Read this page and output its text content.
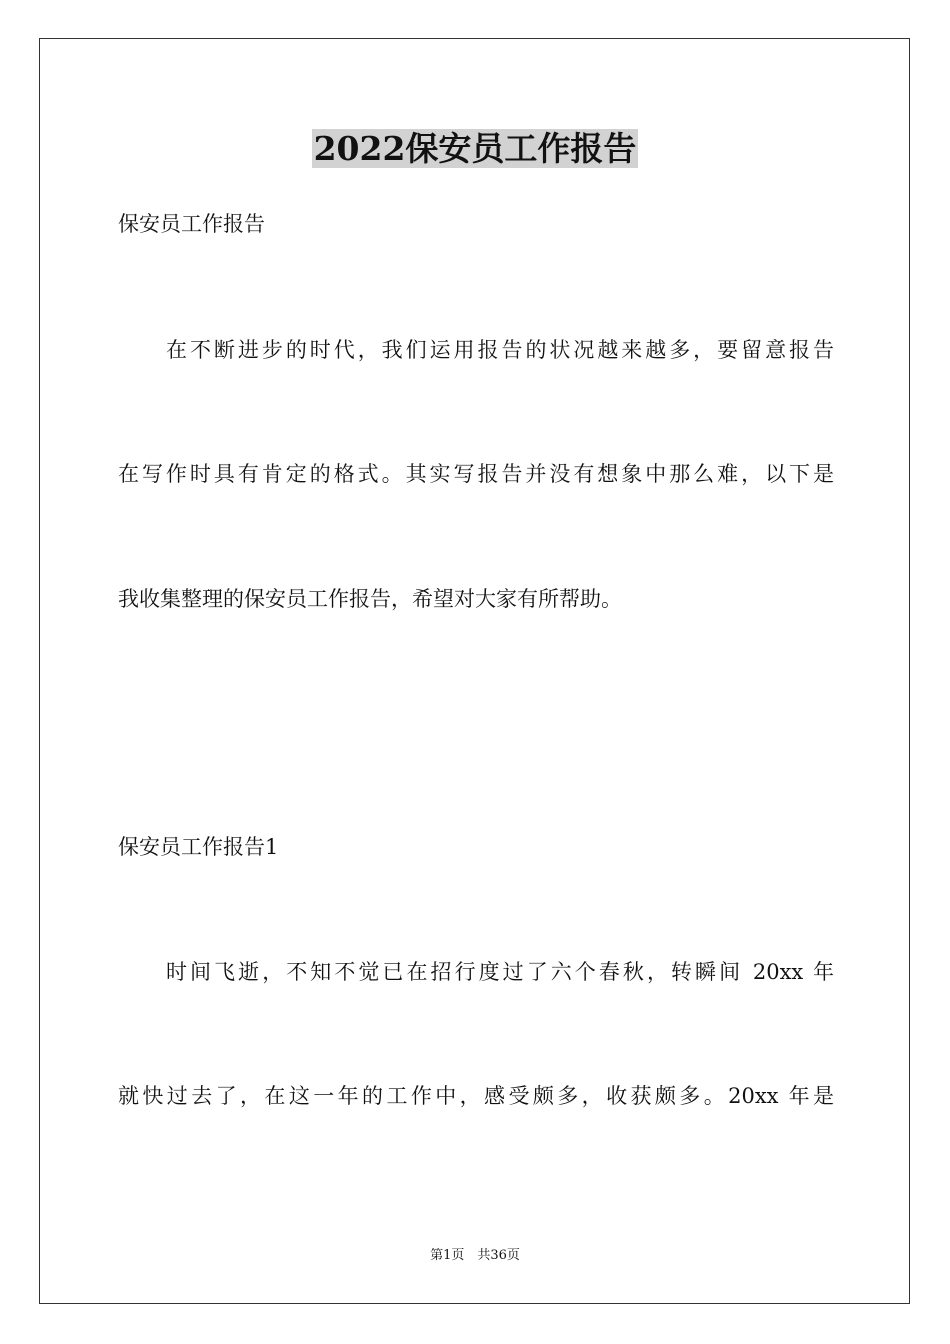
2022保安员工作报告

保安员工作报告

在不断进步的时代，我们运用报告的状况越来越多，要留意报告

在写作时具有肯定的格式。其实写报告并没有想象中那么难，以下是

我收集整理的保安员工作报告，希望对大家有所帮助。

保安员工作报告1

时间飞逝，不知不觉已在招行度过了六个春秋，转瞬间 20xx 年

就快过去了，在这一年的工作中，感受颇多，收获颇多。20xx 年是

第1页　共36页
